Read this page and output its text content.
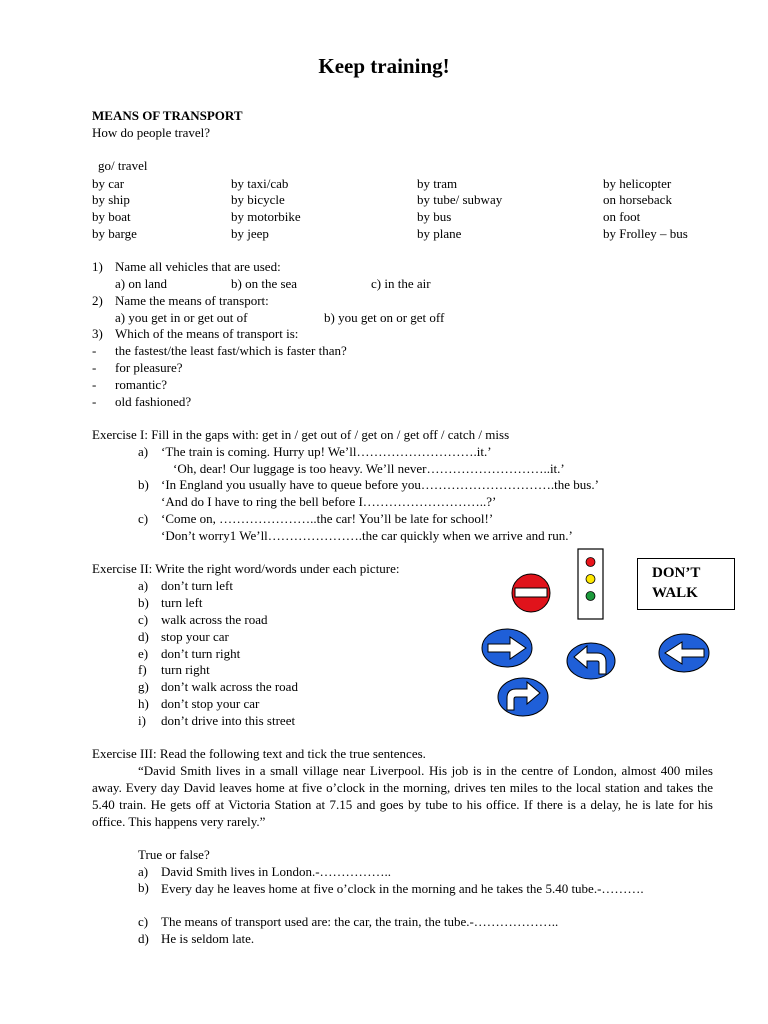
Keep training!
MEANS OF TRANSPORT
How do people travel?
go/ travel
by car	by taxi/cab	by tram	by helicopter
by ship	by bicycle	by tube/ subway	on horseback
by boat	by motorbike	by bus	on foot
by barge	by jeep	by plane	by Frolley – bus
1) Name all vehicles that are used:
a) on land	b) on the sea	c) in the air
2) Name the means of transport:
a) you get in or get out of	b) you get on or get off
3) Which of the means of transport is:
- the fastest/the least fast/which is faster than?
- for pleasure?
- romantic?
- old fashioned?
Exercise I: Fill in the gaps with: get in / get out of / get on / get off / catch / miss
a) ‘The train is coming. Hurry up! We’ll……………………….it.’
‘Oh, dear! Our luggage is too heavy. We’ll never………………………..it.’
b) ‘In England you usually have to queue before you………………………….the bus.’
‘And do I have to ring the bell before I………………………..?’
c) ‘Come on, …………………..the car! You’ll be late for school!’
‘Don’t worry1 We’ll………………….the car quickly when we arrive and run.’
Exercise II: Write the right word/words under each picture:
a) don’t turn left
b) turn left
c) walk across the road
d) stop your car
e) don’t turn right
f) turn right
g) don’t walk across the road
h) don’t stop your car
i) don’t drive into this street
DON’T
WALK
Exercise III: Read the following text and tick the true sentences.
“David Smith lives in a small village near Liverpool. His job is in the centre of London, almost 400 miles away. Every day David leaves home at five o’clock in the morning, drives ten miles to the local station and takes the 5.40 train. He gets off at Victoria Station at 7.15 and goes by tube to his office. If there is a delay, he is late for his office. This happens very rarely.”
True or false?
a) David Smith lives in London.-……………..
b) Every day he leaves home at five o’clock in the morning and he takes the 5.40 tube.-……….
c) The means of transport used are: the car, the train, the tube.-………………..
d) He is seldom late.
